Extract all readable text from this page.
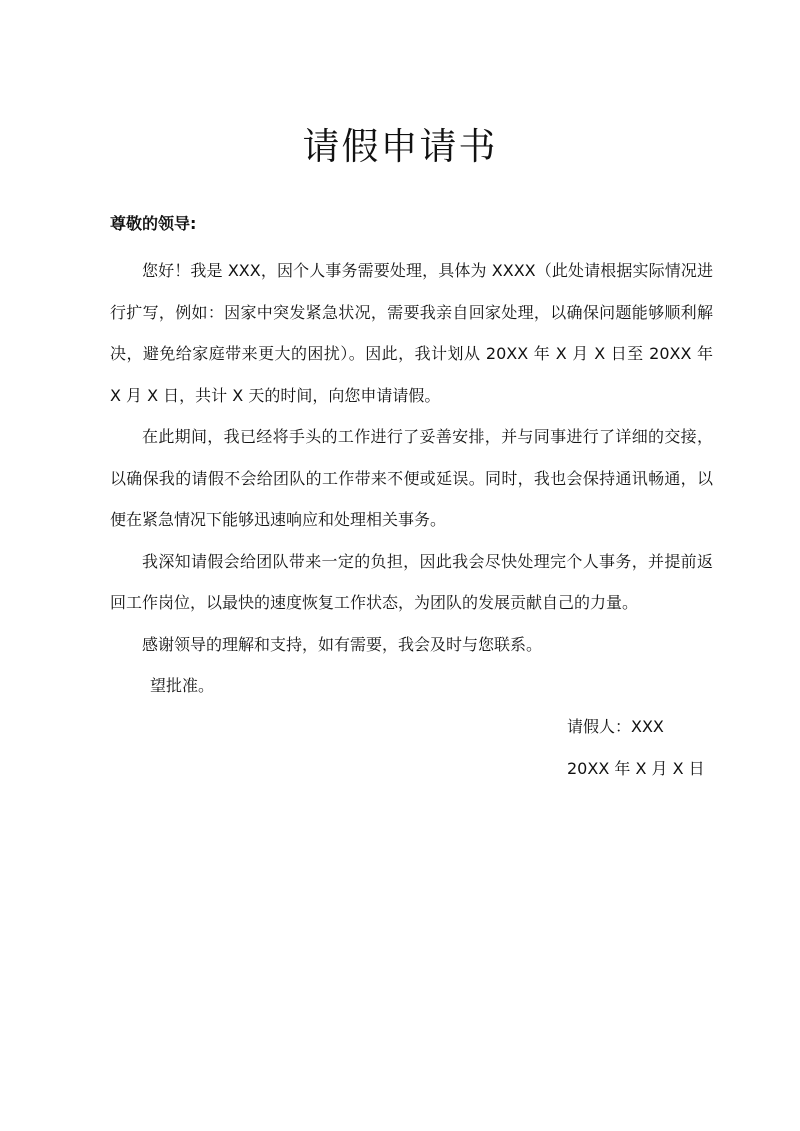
请假申请书

尊敬的领导:

您好！我是 XXX，因个人事务需要处理，具体为 XXXX（此处请根据实际情况进行扩写，例如：因家中突发紧急状况，需要我亲自回家处理，以确保问题能够顺利解决，避免给家庭带来更大的困扰）。因此，我计划从 20XX 年 X 月 X 日至 20XX 年 X 月 X 日，共计 X 天的时间，向您申请请假。

在此期间，我已经将手头的工作进行了妥善安排，并与同事进行了详细的交接，以确保我的请假不会给团队的工作带来不便或延误。同时，我也会保持通讯畅通，以便在紧急情况下能够迅速响应和处理相关事务。

我深知请假会给团队带来一定的负担，因此我会尽快处理完个人事务，并提前返回工作岗位，以最快的速度恢复工作状态，为团队的发展贡献自己的力量。

感谢领导的理解和支持，如有需要，我会及时与您联系。

望批准。

请假人：XXX
20XX 年 X 月 X 日
